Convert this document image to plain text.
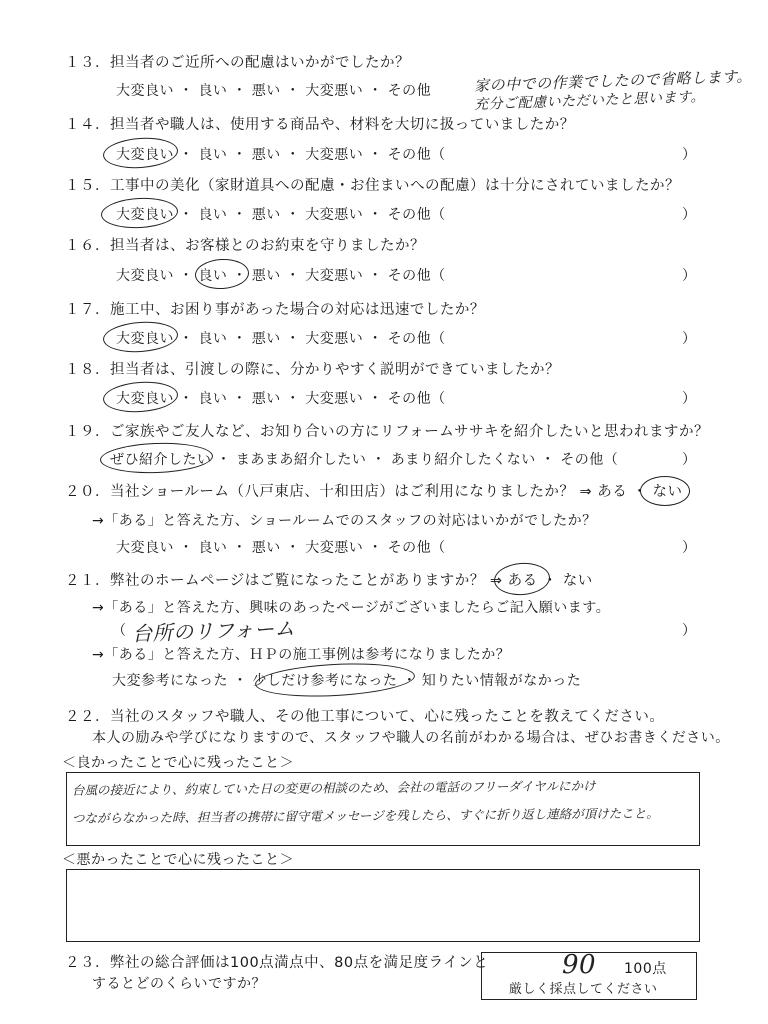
１３．担当者のご近所への配慮はいかがでしたか？
大変良い ・ 良い ・ 悪い ・ 大変悪い ・ その他	家の中での作業でしたので省略します。
充分ご配慮いただいたと思います。
１４．担当者や職人は、使用する商品や、材料を大切に扱っていましたか？
大変良い ・ 良い ・ 悪い ・ 大変悪い ・ その他（	）
１５．工事中の美化（家財道具への配慮・お住まいへの配慮）は十分にされていましたか？
大変良い ・ 良い ・ 悪い ・ 大変悪い ・ その他（	）
１６．担当者は、お客様とのお約束を守りましたか？
大変良い ・ 良い ・ 悪い ・ 大変悪い ・ その他（	）
１７．施工中、お困り事があった場合の対応は迅速でしたか？
大変良い ・ 良い ・ 悪い ・ 大変悪い ・ その他（	）
１８．担当者は、引渡しの際に、分かりやすく説明ができていましたか？
大変良い ・ 良い ・ 悪い ・ 大変悪い ・ その他（	）
１９．ご家族やご友人など、お知り合いの方にリフォームササキを紹介したいと思われますか？
ぜひ紹介したい ・ まあまあ紹介したい ・ あまり紹介したくない ・ その他（	）
２０．当社ショールーム（八戸東店、十和田店）はご利用になりましたか？ ⇒ ある ・ ない
→「ある」と答えた方、ショールームでのスタッフの対応はいかがでしたか？
大変良い ・ 良い ・ 悪い ・ 大変悪い ・ その他（	）
２１．弊社のホームページはご覧になったことがありますか？ ⇒ ある ・ ない
→「ある」と答えた方、興味のあったページがございましたらご記入願います。
（ 台所のリフォーム	）
→「ある」と答えた方、ＨＰの施工事例は参考になりましたか？
大変参考になった ・ 少しだけ参考になった ・ 知りたい情報がなかった
２２．当社のスタッフや職人、その他工事について、心に残ったことを教えてください。
本人の励みや学びになりますので、スタッフや職人の名前がわかる場合は、ぜひお書きください。
＜良かったことで心に残ったこと＞
台風の接近により、約束していた日の変更の相談のため、会社の電話のフリーダイヤルにかけ
つながらなかった時、担当者の携帯に留守電メッセージを残したら、すぐに折り返し連絡が頂けたこと。
＜悪かったことで心に残ったこと＞
２３．弊社の総合評価は100点満点中、80点を満足度ラインと
するとどのくらいですか？
90 100点
厳しく採点してください
